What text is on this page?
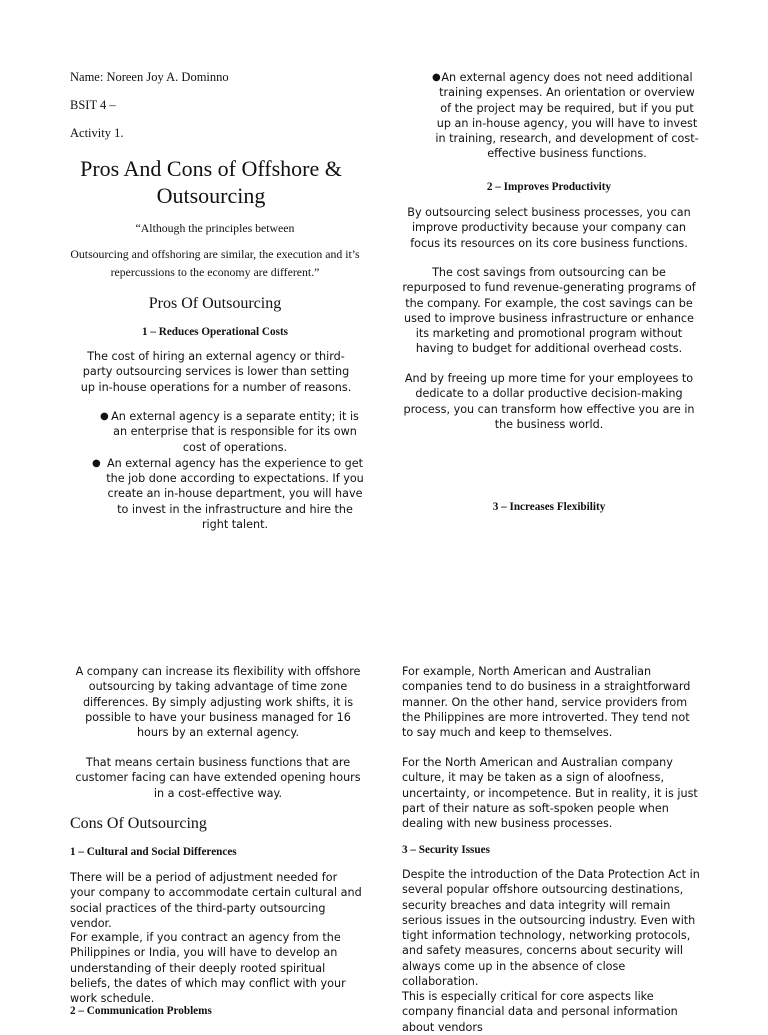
Name: Noreen Joy A. Dominno
BSIT 4 –
Activity 1.
Pros And Cons of Offshore & Outsourcing
“Although the principles between
Outsourcing and offshoring are similar, the execution and it’s repercussions to the economy are different.”
Pros Of Outsourcing
1 – Reduces Operational Costs
The cost of hiring an external agency or third-party outsourcing services is lower than setting up in-house operations for a number of reasons.
● An external agency is a separate entity; it is an enterprise that is responsible for its own cost of operations.
● An external agency has the experience to get the job done according to expectations. If you create an in-house department, you will have to invest in the infrastructure and hire the right talent.
● An external agency does not need additional training expenses. An orientation or overview of the project may be required, but if you put up an in-house agency, you will have to invest in training, research, and development of cost-effective business functions.
2 – Improves Productivity
By outsourcing select business processes, you can improve productivity because your company can focus its resources on its core business functions.
The cost savings from outsourcing can be repurposed to fund revenue-generating programs of the company. For example, the cost savings can be used to improve business infrastructure or enhance its marketing and promotional program without having to budget for additional overhead costs.
And by freeing up more time for your employees to dedicate to a dollar productive decision-making process, you can transform how effective you are in the business world.
3 – Increases Flexibility
A company can increase its flexibility with offshore outsourcing by taking advantage of time zone differences. By simply adjusting work shifts, it is possible to have your business managed for 16 hours by an external agency.
That means certain business functions that are customer facing can have extended opening hours in a cost-effective way.
Cons Of Outsourcing
1 – Cultural and Social Differences
There will be a period of adjustment needed for your company to accommodate certain cultural and social practices of the third-party outsourcing vendor.
For example, if you contract an agency from the Philippines or India, you will have to develop an understanding of their deeply rooted spiritual beliefs, the dates of which may conflict with your work schedule.
2 – Communication Problems
For example, North American and Australian companies tend to do business in a straightforward manner. On the other hand, service providers from the Philippines are more introverted. They tend not to say much and keep to themselves.
For the North American and Australian company culture, it may be taken as a sign of aloofness, uncertainty, or incompetence. But in reality, it is just part of their nature as soft-spoken people when dealing with new business processes.
3 – Security Issues
Despite the introduction of the Data Protection Act in several popular offshore outsourcing destinations, security breaches and data integrity will remain serious issues in the outsourcing industry. Even with tight information technology, networking protocols, and safety measures, concerns about security will always come up in the absence of close collaboration.
This is especially critical for core aspects like company financial data and personal information about vendors
